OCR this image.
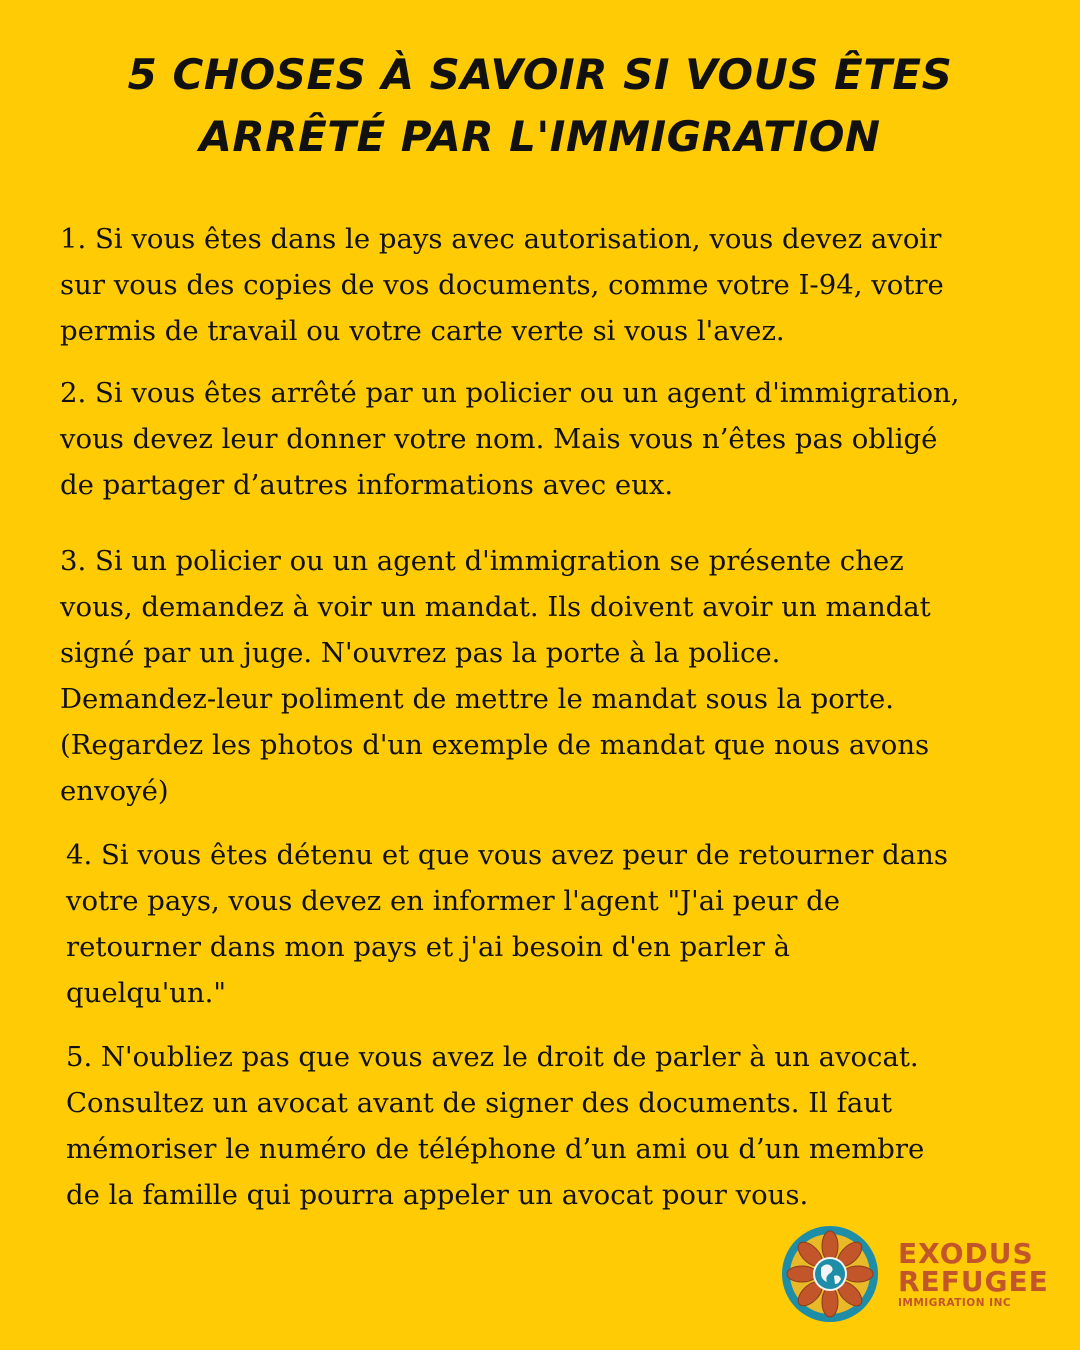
5 CHOSES À SAVOIR SI VOUS ÊTES
ARRÊTÉ PAR L'IMMIGRATION

1. Si vous êtes dans le pays avec autorisation, vous devez avoir
sur vous des copies de vos documents, comme votre I-94, votre
permis de travail ou votre carte verte si vous l'avez.

2. Si vous êtes arrêté par un policier ou un agent d'immigration,
vous devez leur donner votre nom. Mais vous n’êtes pas obligé
de partager d’autres informations avec eux.

3. Si un policier ou un agent d'immigration se présente chez
vous, demandez à voir un mandat. Ils doivent avoir un mandat
signé par un juge. N'ouvrez pas la porte à la police.
Demandez-leur poliment de mettre le mandat sous la porte.
(Regardez les photos d'un exemple de mandat que nous avons
envoyé)

4. Si vous êtes détenu et que vous avez peur de retourner dans
votre pays, vous devez en informer l'agent "J'ai peur de
retourner dans mon pays et j'ai besoin d'en parler à
quelqu'un."

5. N'oubliez pas que vous avez le droit de parler à un avocat.
Consultez un avocat avant de signer des documents. Il faut
mémoriser le numéro de téléphone d’un ami ou d’un membre
de la famille qui pourra appeler un avocat pour vous.

EXODUS
REFUGEE
IMMIGRATION INC
